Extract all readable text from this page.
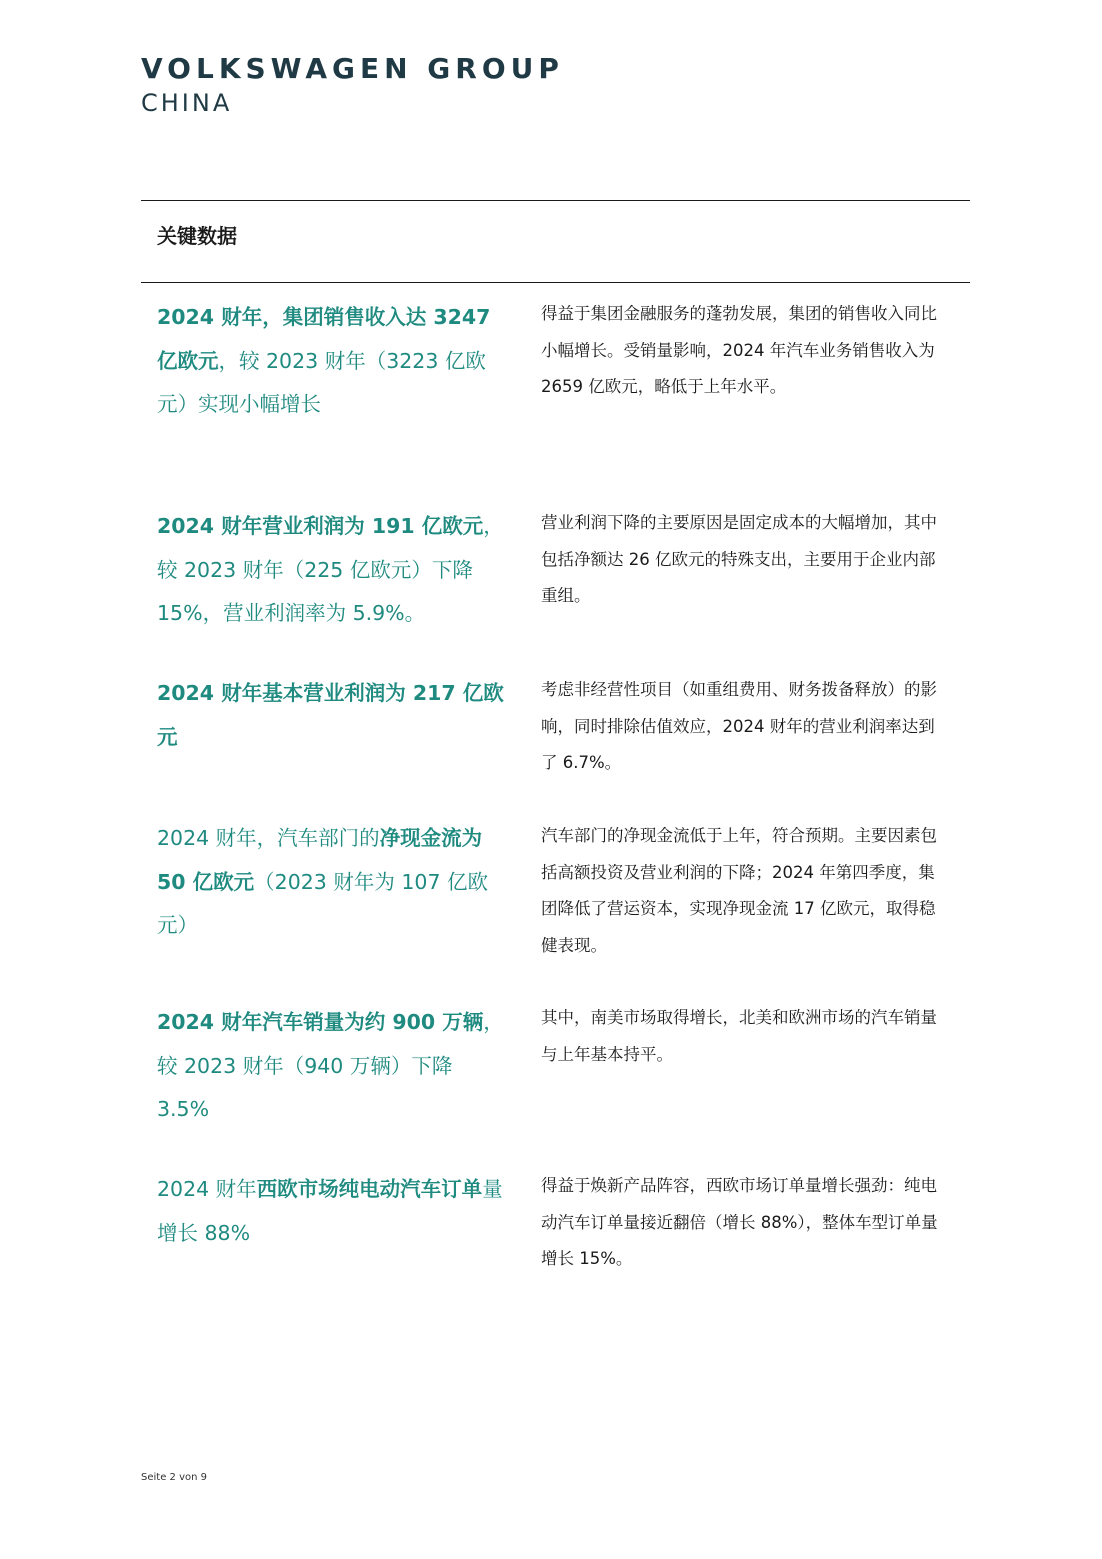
VOLKSWAGEN GROUP
CHINA
关键数据
2024 财年，集团销售收入达 3247 亿欧元，较 2023 财年（3223 亿欧元）实现小幅增长
得益于集团金融服务的蓬勃发展，集团的销售收入同比小幅增长。受销量影响，2024 年汽车业务销售收入为 2659 亿欧元，略低于上年水平。
2024 财年营业利润为 191 亿欧元，较 2023 财年（225 亿欧元）下降 15%，营业利润率为 5.9%。
营业利润下降的主要原因是固定成本的大幅增加，其中包括净额达 26 亿欧元的特殊支出，主要用于企业内部重组。
2024 财年基本营业利润为 217 亿欧元
考虑非经营性项目（如重组费用、财务拨备释放）的影响，同时排除估值效应，2024 财年的营业利润率达到了 6.7%。
2024 财年，汽车部门的净现金流为 50 亿欧元（2023 财年为 107 亿欧元）
汽车部门的净现金流低于上年，符合预期。主要因素包括高额投资及营业利润的下降；2024 年第四季度，集团降低了营运资本，实现净现金流 17 亿欧元，取得稳健表现。
2024 财年汽车销量为约 900 万辆，较 2023 财年（940 万辆）下降 3.5%
其中，南美市场取得增长，北美和欧洲市场的汽车销量与上年基本持平。
2024 财年西欧市场纯电动汽车订单量增长 88%
得益于焕新产品阵容，西欧市场订单量增长强劲：纯电动汽车订单量接近翻倍（增长 88%），整体车型订单量增长 15%。
Seite 2 von 9
